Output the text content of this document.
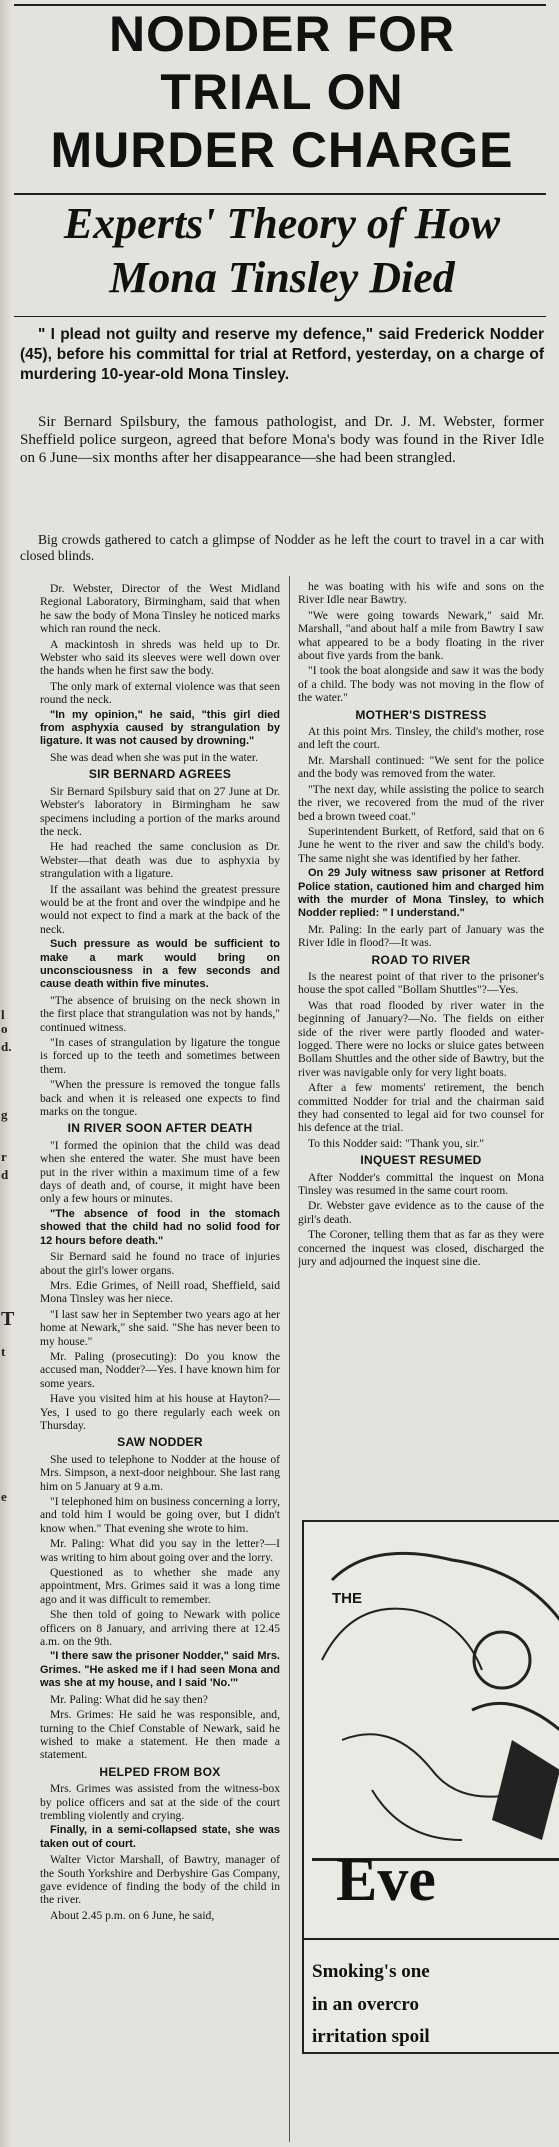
l
o
d.
g
r
d
T
t
e
NODDER FOR
TRIAL ON
MURDER CHARGE
Experts' Theory of How
Mona Tinsley Died

" I plead not guilty and reserve my defence," said Frederick Nodder (45), before his committal for trial at Retford, yesterday, on a charge of murdering 10-year-old Mona Tinsley.

Sir Bernard Spilsbury, the famous pathologist, and Dr. J. M. Webster, former Sheffield police surgeon, agreed that before Mona's body was found in the River Idle on 6 June—six months after her disappearance—she had been strangled.

Big crowds gathered to catch a glimpse of Nodder as he left the court to travel in a car with closed blinds.

Dr. Webster, Director of the West Midland Regional Laboratory, Birmingham, said that when he saw the body of Mona Tinsley he noticed marks which ran round the neck.

A mackintosh in shreds was held up to Dr. Webster who said its sleeves were well down over the hands when he first saw the body.

The only mark of external violence was that seen round the neck.

"In my opinion," he said, "this girl died from asphyxia caused by strangulation by ligature. It was not caused by drowning."

She was dead when she was put in the water.

SIR BERNARD AGREES

Sir Bernard Spilsbury said that on 27 June at Dr. Webster's laboratory in Birmingham he saw specimens including a portion of the marks around the neck.

He had reached the same conclusion as Dr. Webster—that death was due to asphyxia by strangulation with a ligature.

If the assailant was behind the greatest pressure would be at the front and over the windpipe and he would not expect to find a mark at the back of the neck.

Such pressure as would be sufficient to make a mark would bring on unconsciousness in a few seconds and cause death within five minutes.

"The absence of bruising on the neck shown in the first place that strangulation was not by hands," continued witness.

"In cases of strangulation by ligature the tongue is forced up to the teeth and sometimes between them.

"When the pressure is removed the tongue falls back and when it is released one expects to find marks on the tongue.

IN RIVER SOON AFTER DEATH

"I formed the opinion that the child was dead when she entered the water. She must have been put in the river within a maximum time of a few days of death and, of course, it might have been only a few hours or minutes.

"The absence of food in the stomach showed that the child had no solid food for 12 hours before death."

Sir Bernard said he found no trace of injuries about the girl's lower organs.

Mrs. Edie Grimes, of Neill road, Sheffield, said Mona Tinsley was her niece.

"I last saw her in September two years ago at her home at Newark," she said. "She has never been to my house."

Mr. Paling (prosecuting): Do you know the accused man, Nodder?—Yes. I have known him for some years.

Have you visited him at his house at Hayton?—Yes, I used to go there regularly each week on Thursday.

SAW NODDER

She used to telephone to Nodder at the house of Mrs. Simpson, a next-door neighbour. She last rang him on 5 January at 9 a.m.

"I telephoned him on business concerning a lorry, and told him I would be going over, but I didn't know when." That evening she wrote to him.

Mr. Paling: What did you say in the letter?—I was writing to him about going over and the lorry.

Questioned as to whether she made any appointment, Mrs. Grimes said it was a long time ago and it was difficult to remember.

She then told of going to Newark with police officers on 8 January, and arriving there at 12.45 a.m. on the 9th.

"I there saw the prisoner Nodder," said Mrs. Grimes. "He asked me if I had seen Mona and was she at my house, and I said 'No.'"

Mr. Paling: What did he say then?

Mrs. Grimes: He said he was responsible, and, turning to the Chief Constable of Newark, said he wished to make a statement. He then made a statement.

HELPED FROM BOX

Mrs. Grimes was assisted from the witness-box by police officers and sat at the side of the court trembling violently and crying.

Finally, in a semi-collapsed state, she was taken out of court.

Walter Victor Marshall, of Bawtry, manager of the South Yorkshire and Derbyshire Gas Company, gave evidence of finding the body of the child in the river.

About 2.45 p.m. on 6 June, he said,

he was boating with his wife and sons on the River Idle near Bawtry.

"We were going towards Newark," said Mr. Marshall, "and about half a mile from Bawtry I saw what appeared to be a body floating in the river about five yards from the bank.

"I took the boat alongside and saw it was the body of a child. The body was not moving in the flow of the water."

MOTHER'S DISTRESS

At this point Mrs. Tinsley, the child's mother, rose and left the court.

Mr. Marshall continued: "We sent for the police and the body was removed from the water.

"The next day, while assisting the police to search the river, we recovered from the mud of the river bed a brown tweed coat."

Superintendent Burkett, of Retford, said that on 6 June he went to the river and saw the child's body. The same night she was identified by her father.

On 29 July witness saw prisoner at Retford Police station, cautioned him and charged him with the murder of Mona Tinsley, to which Nodder replied: " I understand."

Mr. Paling: In the early part of January was the River Idle in flood?—It was.

ROAD TO RIVER

Is the nearest point of that river to the prisoner's house the spot called "Bollam Shuttles"?—Yes.

Was that road flooded by river water in the beginning of January?—No. The fields on either side of the river were partly flooded and water-logged. There were no locks or sluice gates between Bollam Shuttles and the other side of Bawtry, but the river was navigable only for very light boats.

After a few moments' retirement, the bench committed Nodder for trial and the chairman said they had consented to legal aid for two counsel for his defence at the trial.

To this Nodder said: "Thank you, sir."

INQUEST RESUMED

After Nodder's committal the inquest on Mona Tinsley was resumed in the same court room.

Dr. Webster gave evidence as to the cause of the girl's death.

The Coroner, telling them that as far as they were concerned the inquest was closed, discharged the jury and adjourned the inquest sine die.

THE
Eve
Smoking's one
in an overcro
irritation spoil
